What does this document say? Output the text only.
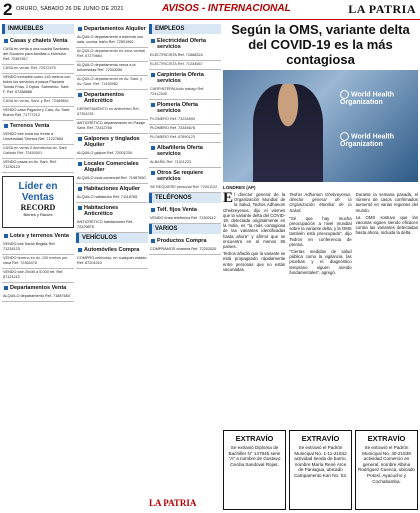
2 ORURO, SÁBADO 26 DE JUNIO DE 2021	AVISOS - INTERNACIONAL	LA PATRIA
INMUEBLES
Casas y chalets Venta
CASA en venta a una cuadra Santuario del Socavón para familias o inversión. Ref. 72467817
CASA en venta. Ref. 72572475
VENDO inmueble como 140 metros con todos los servicios a pasos Plazuela Tomás Frías, 2 Dptos. Sarmiento, Sant. F. Ref. 67288888
CASA en venta, Sant. y Ref. 72489854
VENDO casa Pagador y Caro, Av. Sant. Bueno Ref. 71777212
Terrenos Venta
VENDO lote zona sur frente a Universidad Técnica Ref. 71227654
CASA en venta 3 dormitorios Av. Sant. Galindo Ref. 72450001
VENDO casas en Av. Sant. Ref. 71230123
Líder en
Ventas
RECORD
Bienes y Raíces
Lotes y terrenos Venta
VENDO lote Santa Brigida Ref. 71234123
VENDO terreno en Av. 100 metros por casa Ref. 72365478
VENDO lote 20x30 a 5.000 ref. Ref. 67121212
Departamentos Venta
ALQUILO departamento Ref. 71887654
Departamentos Alquiler
ALQUILO departamento a estrenar con sala, cocina, baño Ref. 72501962
ALQUILO departamento en zona central Ref. 67279864
ALQUILO departamento cerca a la universidad Ref. 72343256
ALQUILO departamento en Av. Sant. y Av. Sant. Ref. 71430982
Departamentos Anticrético
DEPARTAMENTO en anticrético Ref. 67354781
ANTICRÉTICO departamento en Pasaje Sant. Ref. 72412765
Galpones y tinglados Alquiler
ALQUILO galpón Ref. 72001234
Locales Comerciales Alquiler
ALQUILO local comercial Ref. 71987650
Habitaciones Alquiler
ALQUILO habitación Ref. 71118765
Habitaciones Anticrético
ANTICRÉTICO habitaciones Ref. 72229876
VEHÍCULOS
Automóviles Compra
COMPRO vehículos, en cualquier estado Ref. 67201010
EMPLEOS
Electricidad Oferta servicios
ELECTRICISTA Ref. 71568324
ELECTRICISTA Ref. 71234567
Carpintería Oferta servicios
CARPINTERÍA todo trabajo Ref. 72412345
Plomería Oferta servicios
PLOMERO Ref. 71234890
PLOMERO Ref. 72345678
PLOMERO Ref. 67890123
Albañilería Oferta servicios
ALBAÑIL Ref. 71011223
Otros Se requiere servicios
SE REQUIERE personal Ref. 72001122
TELÉFONOS
Telf. fijos Venta
VENDO línea telefónica Ref. 71300112
VARIOS
Productos Compra
COMPRAMOS chatarra Ref. 72202020
LA PATRIA
Según la OMS, variante delta del COVID-19 es la más contagiosa
World Health Organization
World Health Organization
LONDRES (AP)

El director general de la Organización Mundial de la Salud, Tedros Adhanom Ghebreyesus, dijo el viernes que la variante delta del COVID-19, detectada originalmente en la India, es "la más contagiosa de las variantes identificadas hasta ahora" y afirmó que se encuentra en al menos 85 países.

Tedros añadió que la variante se está propagando rápidamente entre personas que no están vacunadas.

Tedros Adhanom Ghebreyesus, director general de la Organización Mundial de la Salud.

"Sé que hay mucha preocupación a nivel mundial sobre la variante delta, y la OMS también está preocupada", dijo Tedros en conferencia de prensa.

"Ciertas medidas de salud pública como la vigilancia, las pruebas y el diagnóstico temprano siguen siendo fundamentales", agregó.

Durante la semana pasada, el número de casos confirmados aumentó en varias regiones del mundo.

La OMS sostuvo que las vacunas siguen siendo eficaces contra las variantes detectadas hasta ahora, incluida la delta.

EXTRAVÍO
Se extravió Diploma de Bachiller N° 147845 serie "A" a nombre de Gustavo Cecilia Sandoval Rojas.
EXTRAVÍO
Se extravió el Padrón Municipal No. 1-11-21842 actividad tienda de barrio, nombre María René Arce de Paniagua, ubicado Campamento Kan No. 53.
EXTRAVÍO
Se extravió el Padrón Municipal No. 30-21538 actividad Comercio en general, nombre Albina Rodríguez Cuenca, ubicado Potosí, Ayacucho y Cochabamba.
